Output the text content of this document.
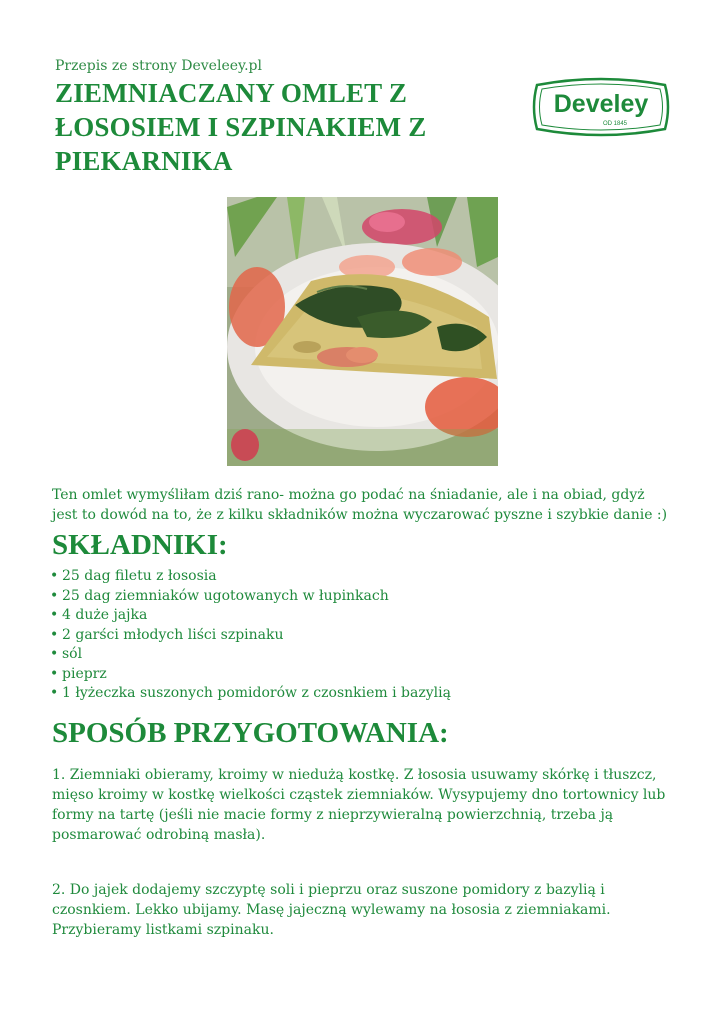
Przepis ze strony Develeey.pl
ZIEMNIACZANY OMLET Z ŁOSOSIEM I SZPINAKIEM Z PIEKARNIKA
Develey
OD 1845

Ten omlet wymyśliłam dziś rano- można go podać na śniadanie, ale i na obiad, gdyż jest to dowód na to, że z kilku składników można wyczarować pyszne i szybkie danie :)

SKŁADNIKI:
• 25 dag filetu z łososia
• 25 dag ziemniaków ugotowanych w łupinkach
• 4 duże jajka
• 2 garści młodych liści szpinaku
• sól
• pieprz
• 1 łyżeczka suszonych pomidorów z czosnkiem i bazylią
SPOSÓB PRZYGOTOWANIA:

1. Ziemniaki obieramy, kroimy w niedużą kostkę. Z łososia usuwamy skórkę i tłuszcz, mięso kroimy w kostkę wielkości cząstek ziemniaków. Wysypujemy dno tortownicy lub formy na tartę (jeśli nie macie formy z nieprzywieralną powierzchnią, trzeba ją posmarować odrobiną masła).

2. Do jajek dodajemy szczyptę soli i pieprzu oraz suszone pomidory z bazylią i czosnkiem. Lekko ubijamy. Masę jajeczną wylewamy na łososia z ziemniakami. Przybieramy listkami szpinaku.
